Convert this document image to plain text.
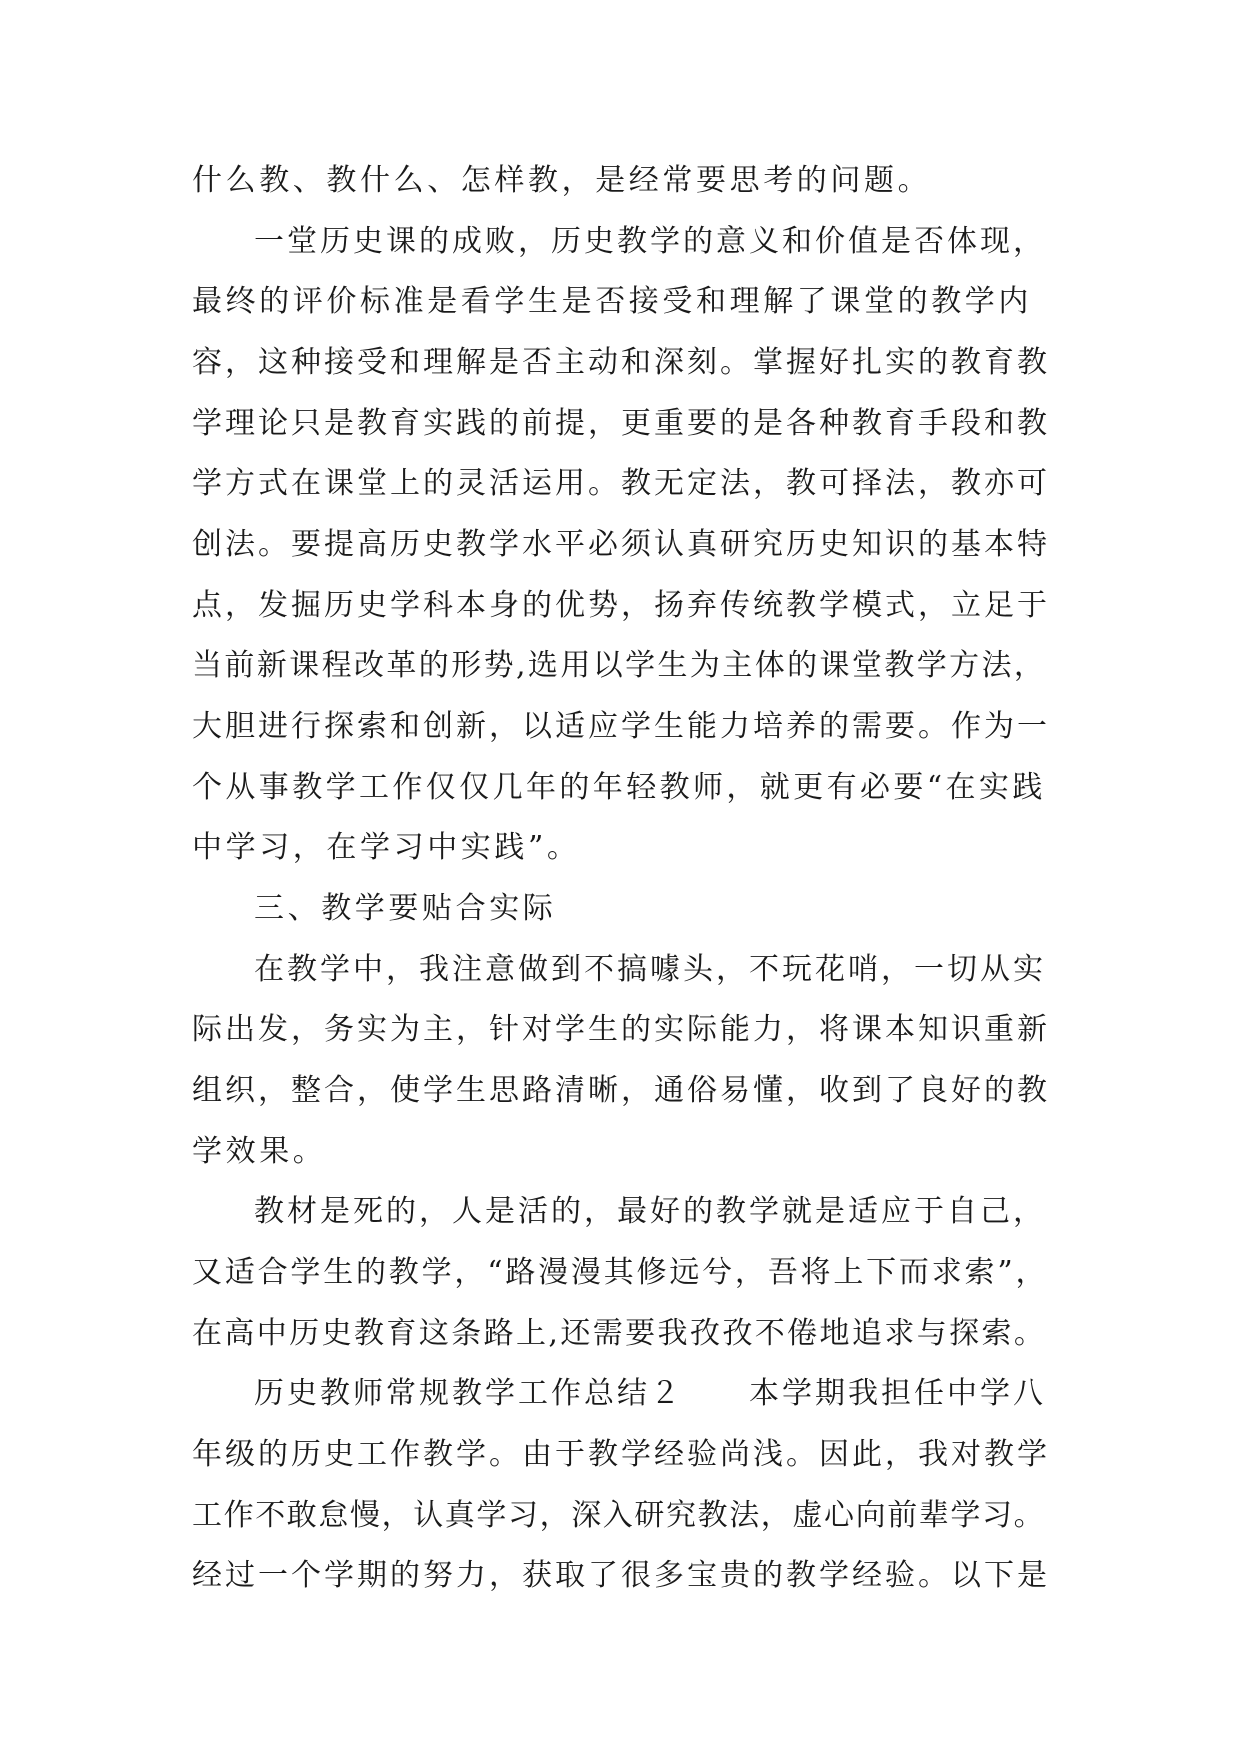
什么教、教什么、怎样教，是经常要思考的问题。
一堂历史课的成败，历史教学的意义和价值是否体现，
最终的评价标准是看学生是否接受和理解了课堂的教学内
容，这种接受和理解是否主动和深刻。掌握好扎实的教育教
学理论只是教育实践的前提，更重要的是各种教育手段和教
学方式在课堂上的灵活运用。教无定法，教可择法，教亦可
创法。要提高历史教学水平必须认真研究历史知识的基本特
点，发掘历史学科本身的优势，扬弃传统教学模式，立足于
当前新课程改革的形势,选用以学生为主体的课堂教学方法，
大胆进行探索和创新，以适应学生能力培养的需要。作为一
个从事教学工作仅仅几年的年轻教师，就更有必要“在实践
中学习，在学习中实践”。
三、教学要贴合实际
在教学中，我注意做到不搞噱头，不玩花哨，一切从实
际出发，务实为主，针对学生的实际能力，将课本知识重新
组织，整合，使学生思路清晰，通俗易懂，收到了良好的教
学效果。
教材是死的，人是活的，最好的教学就是适应于自己，
又适合学生的教学，“路漫漫其修远兮，吾将上下而求索”，
在高中历史教育这条路上,还需要我孜孜不倦地追求与探索。
历史教师常规教学工作总结２　　本学期我担任中学八
年级的历史工作教学。由于教学经验尚浅。因此，我对教学
工作不敢怠慢，认真学习，深入研究教法，虚心向前辈学习。
经过一个学期的努力，获取了很多宝贵的教学经验。以下是
